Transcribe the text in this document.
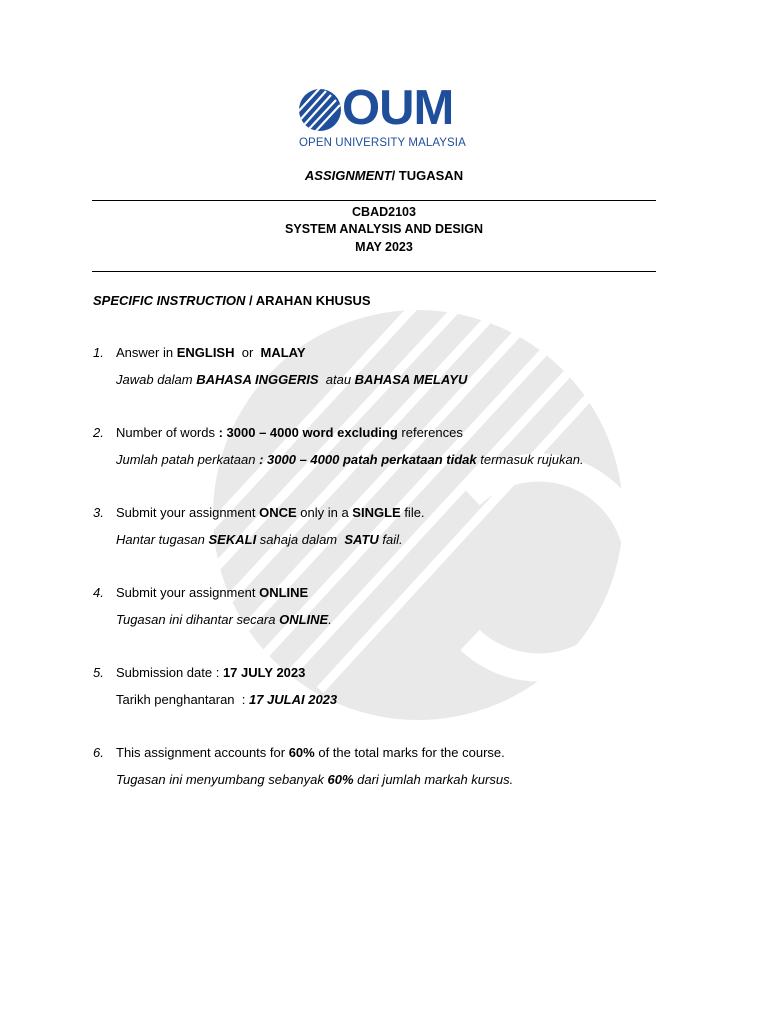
OUM
OPEN UNIVERSITY MALAYSIA
ASSIGNMENT/ TUGASAN
CBAD2103
SYSTEM ANALYSIS AND DESIGN
MAY 2023
SPECIFIC INSTRUCTION / ARAHAN KHUSUS
1. Answer in ENGLISH  or  MALAY
Jawab dalam BAHASA INGGERIS  atau BAHASA MELAYU
2. Number of words : 3000 – 4000 word excluding references
Jumlah patah perkataan : 3000 – 4000 patah perkataan tidak termasuk rujukan.
3. Submit your assignment ONCE only in a SINGLE file.
Hantar tugasan SEKALI sahaja dalam  SATU fail.
4. Submit your assignment ONLINE
Tugasan ini dihantar secara ONLINE.
5. Submission date : 17 JULY 2023
Tarikh penghantaran  : 17 JULAI 2023
6. This assignment accounts for 60% of the total marks for the course.
Tugasan ini menyumbang sebanyak 60% dari jumlah markah kursus.
